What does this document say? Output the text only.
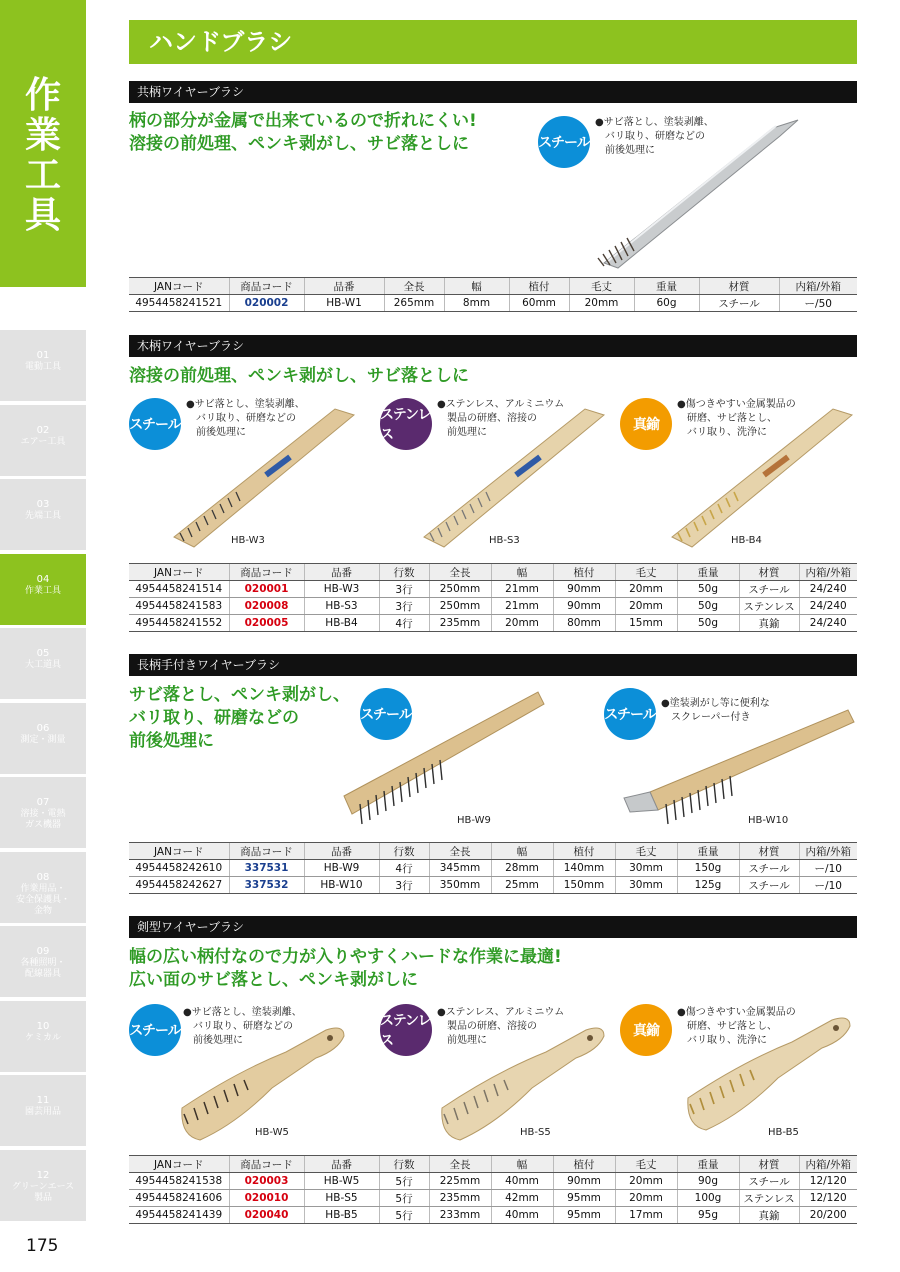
作
業
工
具
01
電動工具
02
エアー工具
03
先端工具
04
作業工具
05
大工道具
06
測定・測量
07
溶接・電熱
ガス機器
08
作業用品・
安全保護具・
金物
09
各種照明・
配線器具
10
ケミカル
11
園芸用品
12
グリーンエース
製品
175
ハンドブラシ
共柄ワイヤーブラシ
柄の部分が金属で出来ているので折れにくい!
溶接の前処理、ペンキ剥がし、サビ落としに	スチール
●サビ落とし、塗装剥離、
バリ取り、研磨などの
前後処理に
JANコード	商品コード	品番	全長	幅	植付	毛丈	重量	材質	内箱/外箱
4954458241521	020002	HB-W1	265mm	8mm	60mm	20mm	60g	スチール	ー/50
木柄ワイヤーブラシ
溶接の前処理、ペンキ剥がし、サビ落としに
スチール
●サビ落とし、塗装剥離、
バリ取り、研磨などの
前後処理に
ステンレス
●ステンレス、アルミニウム
製品の研磨、溶接の
前処理に	真鍮
●傷つきやすい金属製品の
研磨、サビ落とし、
バリ取り、洗浄に
HB-W3	HB-S3	HB-B4
JANコード	商品コード	品番	行数	全長	幅	植付	毛丈	重量	材質	内箱/外箱
4954458241514	020001	HB-W3	3行	250mm	21mm	90mm	20mm	50g	スチール	24/240
4954458241583	020008	HB-S3	3行	250mm	21mm	90mm	20mm	50g	ステンレス	24/240
4954458241552	020005	HB-B4	4行	235mm	20mm	80mm	15mm	50g	真鍮	24/240
長柄手付きワイヤーブラシ
サビ落とし、ペンキ剥がし、
バリ取り、研磨などの
前後処理に
スチール	スチール
●塗装剥がし等に便利な
スクレーパー付き
HB-W9	HB-W10
JANコード	商品コード	品番	行数	全長	幅	植付	毛丈	重量	材質	内箱/外箱
4954458242610	337531	HB-W9	4行	345mm	28mm	140mm	30mm	150g	スチール	ー/10
4954458242627	337532	HB-W10	3行	350mm	25mm	150mm	30mm	125g	スチール	ー/10
剣型ワイヤーブラシ
幅の広い柄付なので力が入りやすくハードな作業に最適!
広い面のサビ落とし、ペンキ剥がしに
スチール
●サビ落とし、塗装剥離、
バリ取り、研磨などの
前後処理に
ステンレス
●ステンレス、アルミニウム
製品の研磨、溶接の
前処理に
真鍮
●傷つきやすい金属製品の
研磨、サビ落とし、
バリ取り、洗浄に
HB-W5	HB-S5	HB-B5
JANコード	商品コード	品番	行数	全長	幅	植付	毛丈	重量	材質	内箱/外箱
4954458241538	020003	HB-W5	5行	225mm	40mm	90mm	20mm	90g	スチール	12/120
4954458241606	020010	HB-S5	5行	235mm	42mm	95mm	20mm	100g	ステンレス	12/120
4954458241439	020040	HB-B5	5行	233mm	40mm	95mm	17mm	95g	真鍮	20/200
